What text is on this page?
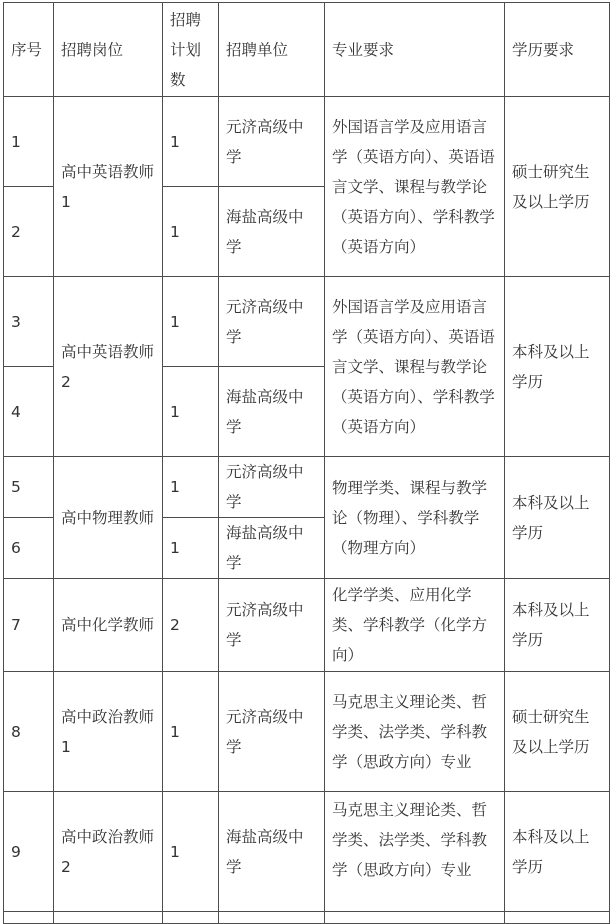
序号	招聘岗位	招聘计划数	招聘单位	专业要求	学历要求
1	高中英语教师1	1	元济高级中学	外国语言学及应用语言学（英语方向）、英语语言文学、课程与教学论（英语方向）、学科教学（英语方向）	硕士研究生及以上学历
2		1	海盐高级中学		
3	高中英语教师2	1	元济高级中学	外国语言学及应用语言学（英语方向）、英语语言文学、课程与教学论（英语方向）、学科教学（英语方向）	本科及以上学历
4		1	海盐高级中学		
5	高中物理教师	1	元济高级中学	物理学类、课程与教学论（物理）、学科教学（物理方向）	本科及以上学历
6		1	海盐高级中学		
7	高中化学教师	2	元济高级中学	化学学类、应用化学类、学科教学（化学方向）	本科及以上学历
8	高中政治教师1	1	元济高级中学	马克思主义理论类、哲学类、法学类、学科教学（思政方向）专业	硕士研究生及以上学历
9	高中政治教师2	1	海盐高级中学	马克思主义理论类、哲学类、法学类、学科教学（思政方向）专业	本科及以上学历
